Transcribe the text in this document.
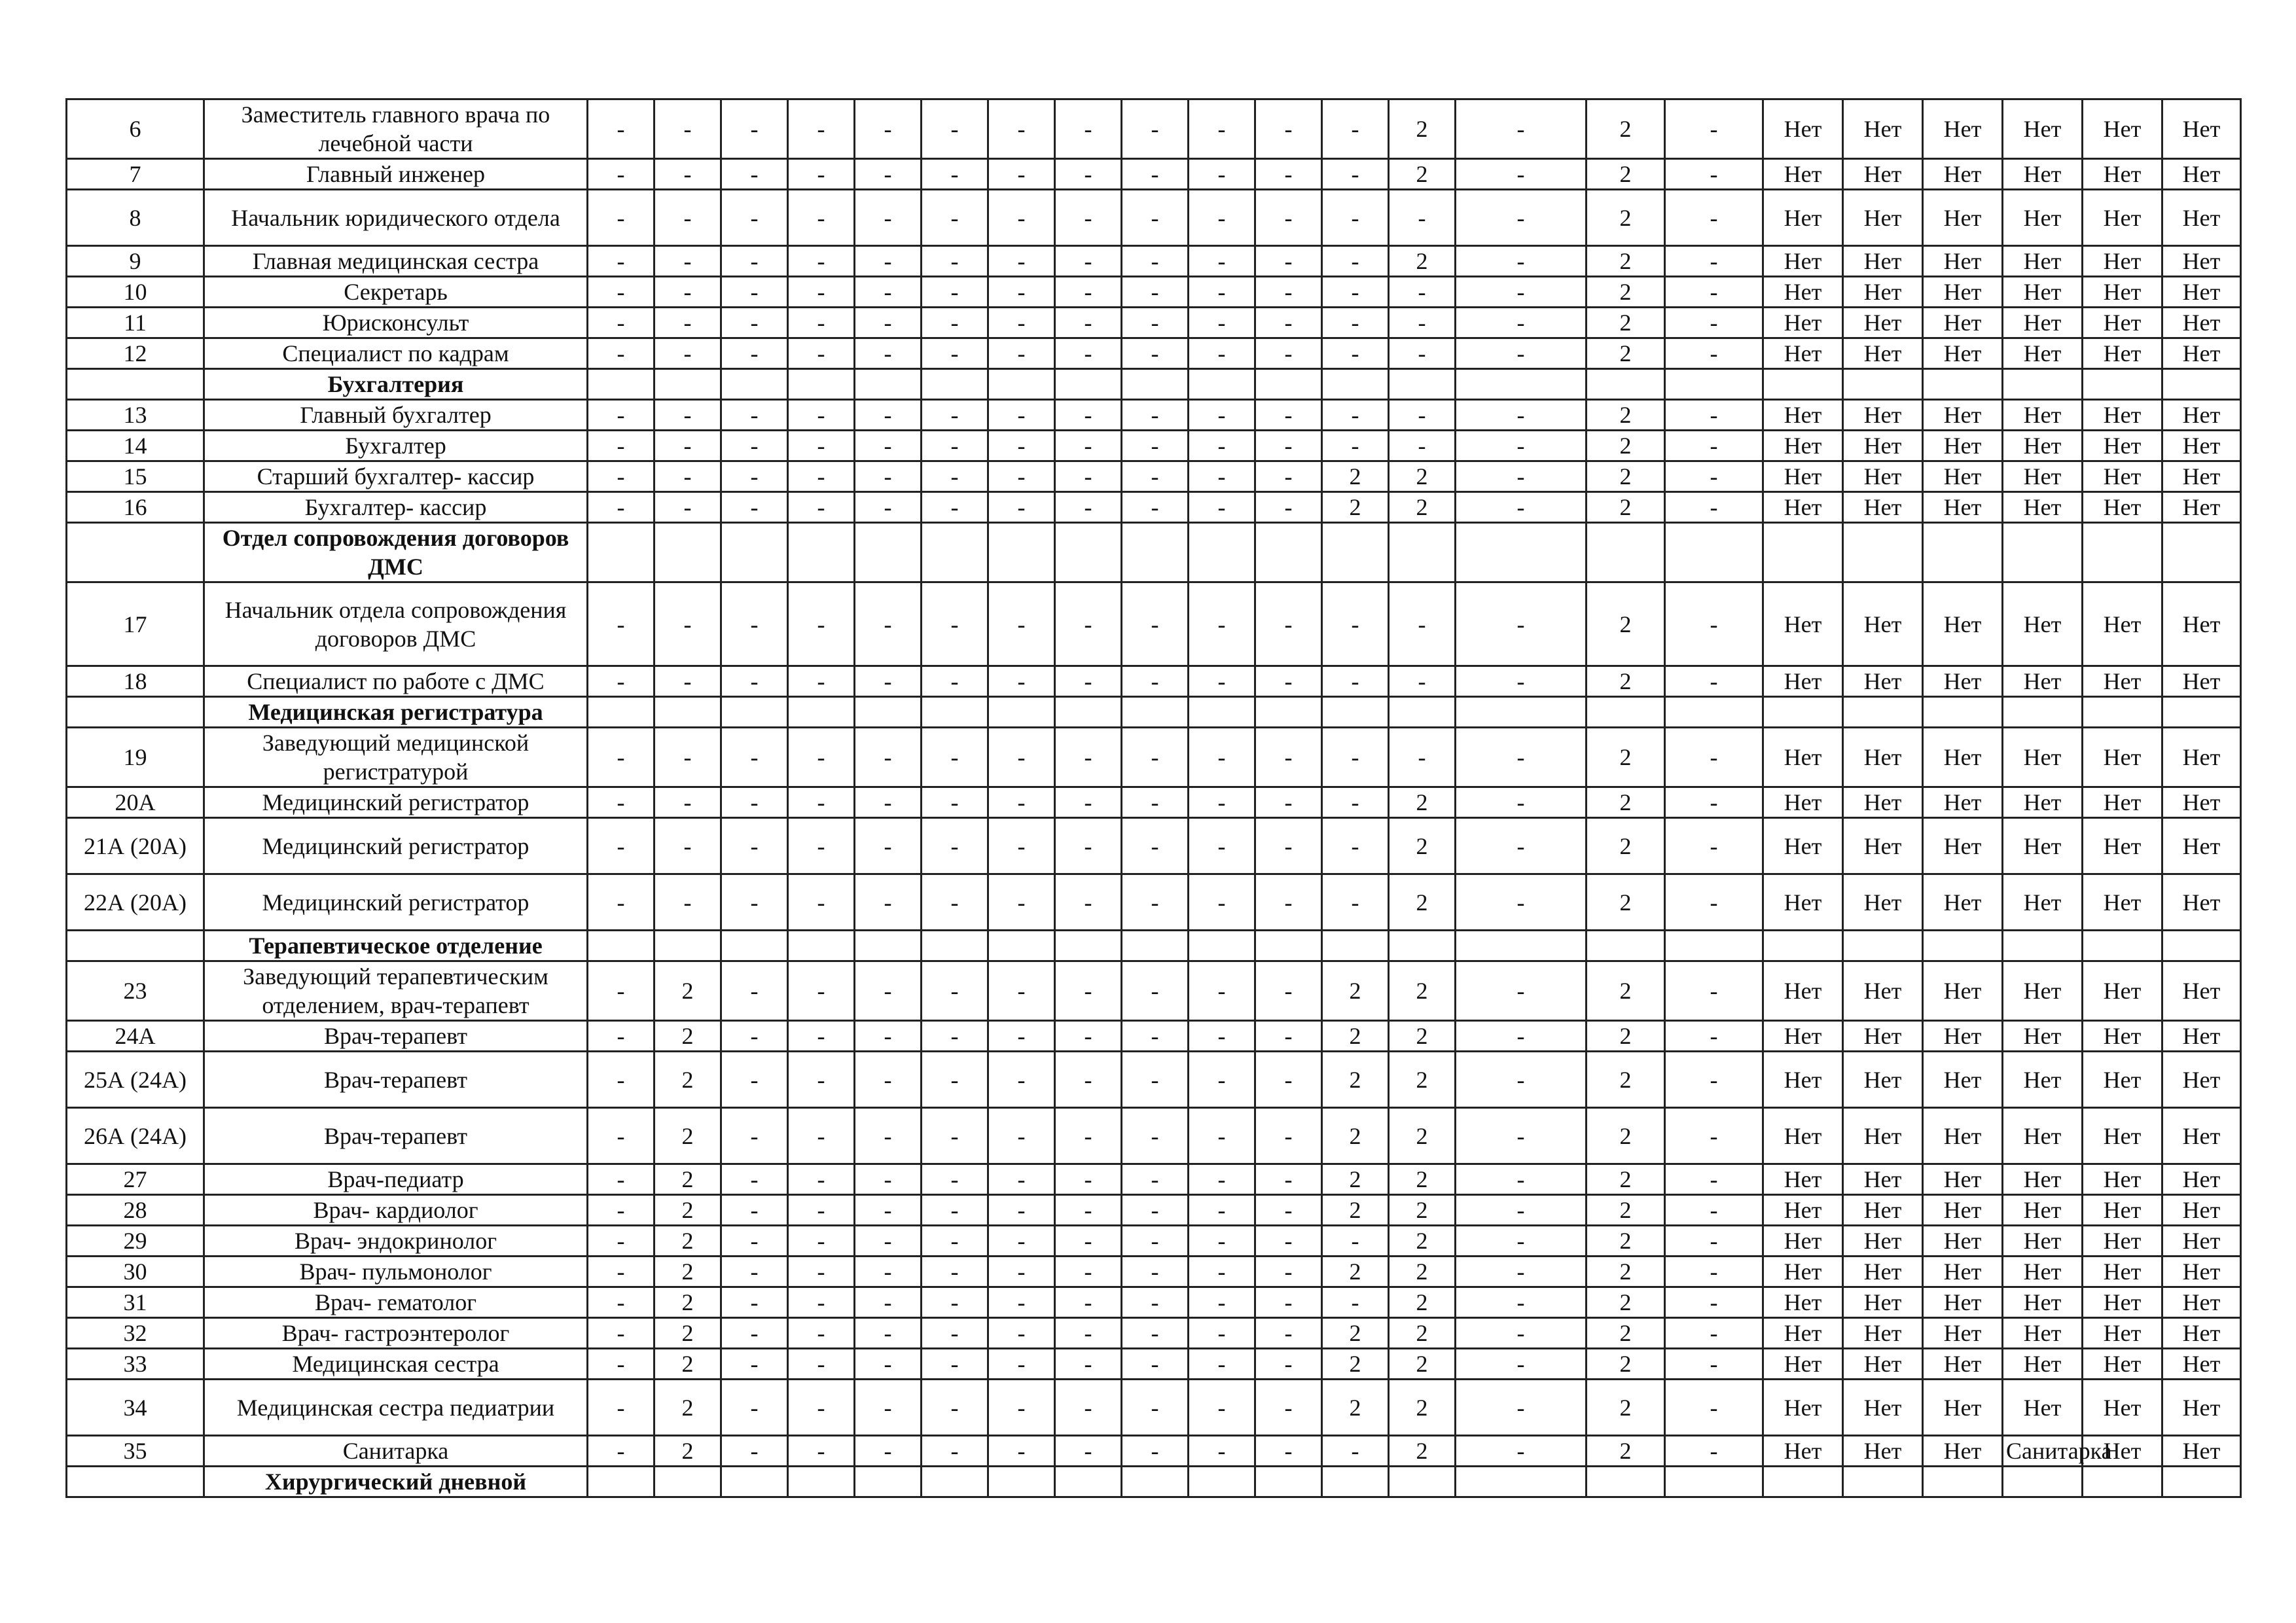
6	Заместитель главного врача по лечебной части	-	-	-	-	-	-	-	-	-	-	-	-	2	-	2	-	Нет	Нет	Нет	Нет	Нет	Нет
7	Главный инженер	-	-	-	-	-	-	-	-	-	-	-	-	2	-	2	-	Нет	Нет	Нет	Нет	Нет	Нет
8	Начальник юридического отдела	-	-	-	-	-	-	-	-	-	-	-	-	-	-	2	-	Нет	Нет	Нет	Нет	Нет	Нет
9	Главная медицинская сестра	-	-	-	-	-	-	-	-	-	-	-	-	2	-	2	-	Нет	Нет	Нет	Нет	Нет	Нет
10	Секретарь	-	-	-	-	-	-	-	-	-	-	-	-	-	-	2	-	Нет	Нет	Нет	Нет	Нет	Нет
11	Юрисконсульт	-	-	-	-	-	-	-	-	-	-	-	-	-	-	2	-	Нет	Нет	Нет	Нет	Нет	Нет
12	Специалист по кадрам	-	-	-	-	-	-	-	-	-	-	-	-	-	-	2	-	Нет	Нет	Нет	Нет	Нет	Нет
	Бухгалтерия																						
13	Главный бухгалтер	-	-	-	-	-	-	-	-	-	-	-	-	-	-	2	-	Нет	Нет	Нет	Нет	Нет	Нет
14	Бухгалтер	-	-	-	-	-	-	-	-	-	-	-	-	-	-	2	-	Нет	Нет	Нет	Нет	Нет	Нет
15	Старший бухгалтер- кассир	-	-	-	-	-	-	-	-	-	-	-	2	2	-	2	-	Нет	Нет	Нет	Нет	Нет	Нет
16	Бухгалтер- кассир	-	-	-	-	-	-	-	-	-	-	-	2	2	-	2	-	Нет	Нет	Нет	Нет	Нет	Нет
	Отдел сопровождения договоров ДМС																						
17	Начальник отдела сопровождения договоров ДМС	-	-	-	-	-	-	-	-	-	-	-	-	-	-	2	-	Нет	Нет	Нет	Нет	Нет	Нет
18	Специалист по работе с ДМС	-	-	-	-	-	-	-	-	-	-	-	-	-	-	2	-	Нет	Нет	Нет	Нет	Нет	Нет
	Медицинская регистратура																						
19	Заведующий медицинской регистратурой	-	-	-	-	-	-	-	-	-	-	-	-	-	-	2	-	Нет	Нет	Нет	Нет	Нет	Нет
20А	Медицинский регистратор	-	-	-	-	-	-	-	-	-	-	-	-	2	-	2	-	Нет	Нет	Нет	Нет	Нет	Нет
21А (20А)	Медицинский регистратор	-	-	-	-	-	-	-	-	-	-	-	-	2	-	2	-	Нет	Нет	Нет	Нет	Нет	Нет
22А (20А)	Медицинский регистратор	-	-	-	-	-	-	-	-	-	-	-	-	2	-	2	-	Нет	Нет	Нет	Нет	Нет	Нет
	Терапевтическое отделение																						
23	Заведующий терапевтическим отделением, врач-терапевт	-	2	-	-	-	-	-	-	-	-	-	2	2	-	2	-	Нет	Нет	Нет	Нет	Нет	Нет
24А	Врач-терапевт	-	2	-	-	-	-	-	-	-	-	-	2	2	-	2	-	Нет	Нет	Нет	Нет	Нет	Нет
25А (24А)	Врач-терапевт	-	2	-	-	-	-	-	-	-	-	-	2	2	-	2	-	Нет	Нет	Нет	Нет	Нет	Нет
26А (24А)	Врач-терапевт	-	2	-	-	-	-	-	-	-	-	-	2	2	-	2	-	Нет	Нет	Нет	Нет	Нет	Нет
27	Врач-педиатр	-	2	-	-	-	-	-	-	-	-	-	2	2	-	2	-	Нет	Нет	Нет	Нет	Нет	Нет
28	Врач- кардиолог	-	2	-	-	-	-	-	-	-	-	-	2	2	-	2	-	Нет	Нет	Нет	Нет	Нет	Нет
29	Врач- эндокринолог	-	2	-	-	-	-	-	-	-	-	-	-	2	-	2	-	Нет	Нет	Нет	Нет	Нет	Нет
30	Врач- пульмонолог	-	2	-	-	-	-	-	-	-	-	-	2	2	-	2	-	Нет	Нет	Нет	Нет	Нет	Нет
31	Врач- гематолог	-	2	-	-	-	-	-	-	-	-	-	-	2	-	2	-	Нет	Нет	Нет	Нет	Нет	Нет
32	Врач- гастроэнтеролог	-	2	-	-	-	-	-	-	-	-	-	2	2	-	2	-	Нет	Нет	Нет	Нет	Нет	Нет
33	Медицинская сестра	-	2	-	-	-	-	-	-	-	-	-	2	2	-	2	-	Нет	Нет	Нет	Нет	Нет	Нет
34	Медицинская сестра педиатрии	-	2	-	-	-	-	-	-	-	-	-	2	2	-	2	-	Нет	Нет	Нет	Нет	Нет	Нет
35	Санитарка	-	2	-	-	-	-	-	-	-	-	-	-	2	-	2	-	Нет	Нет	Нет	Санитарка	Нет	Нет
	Хирургический дневной																						
